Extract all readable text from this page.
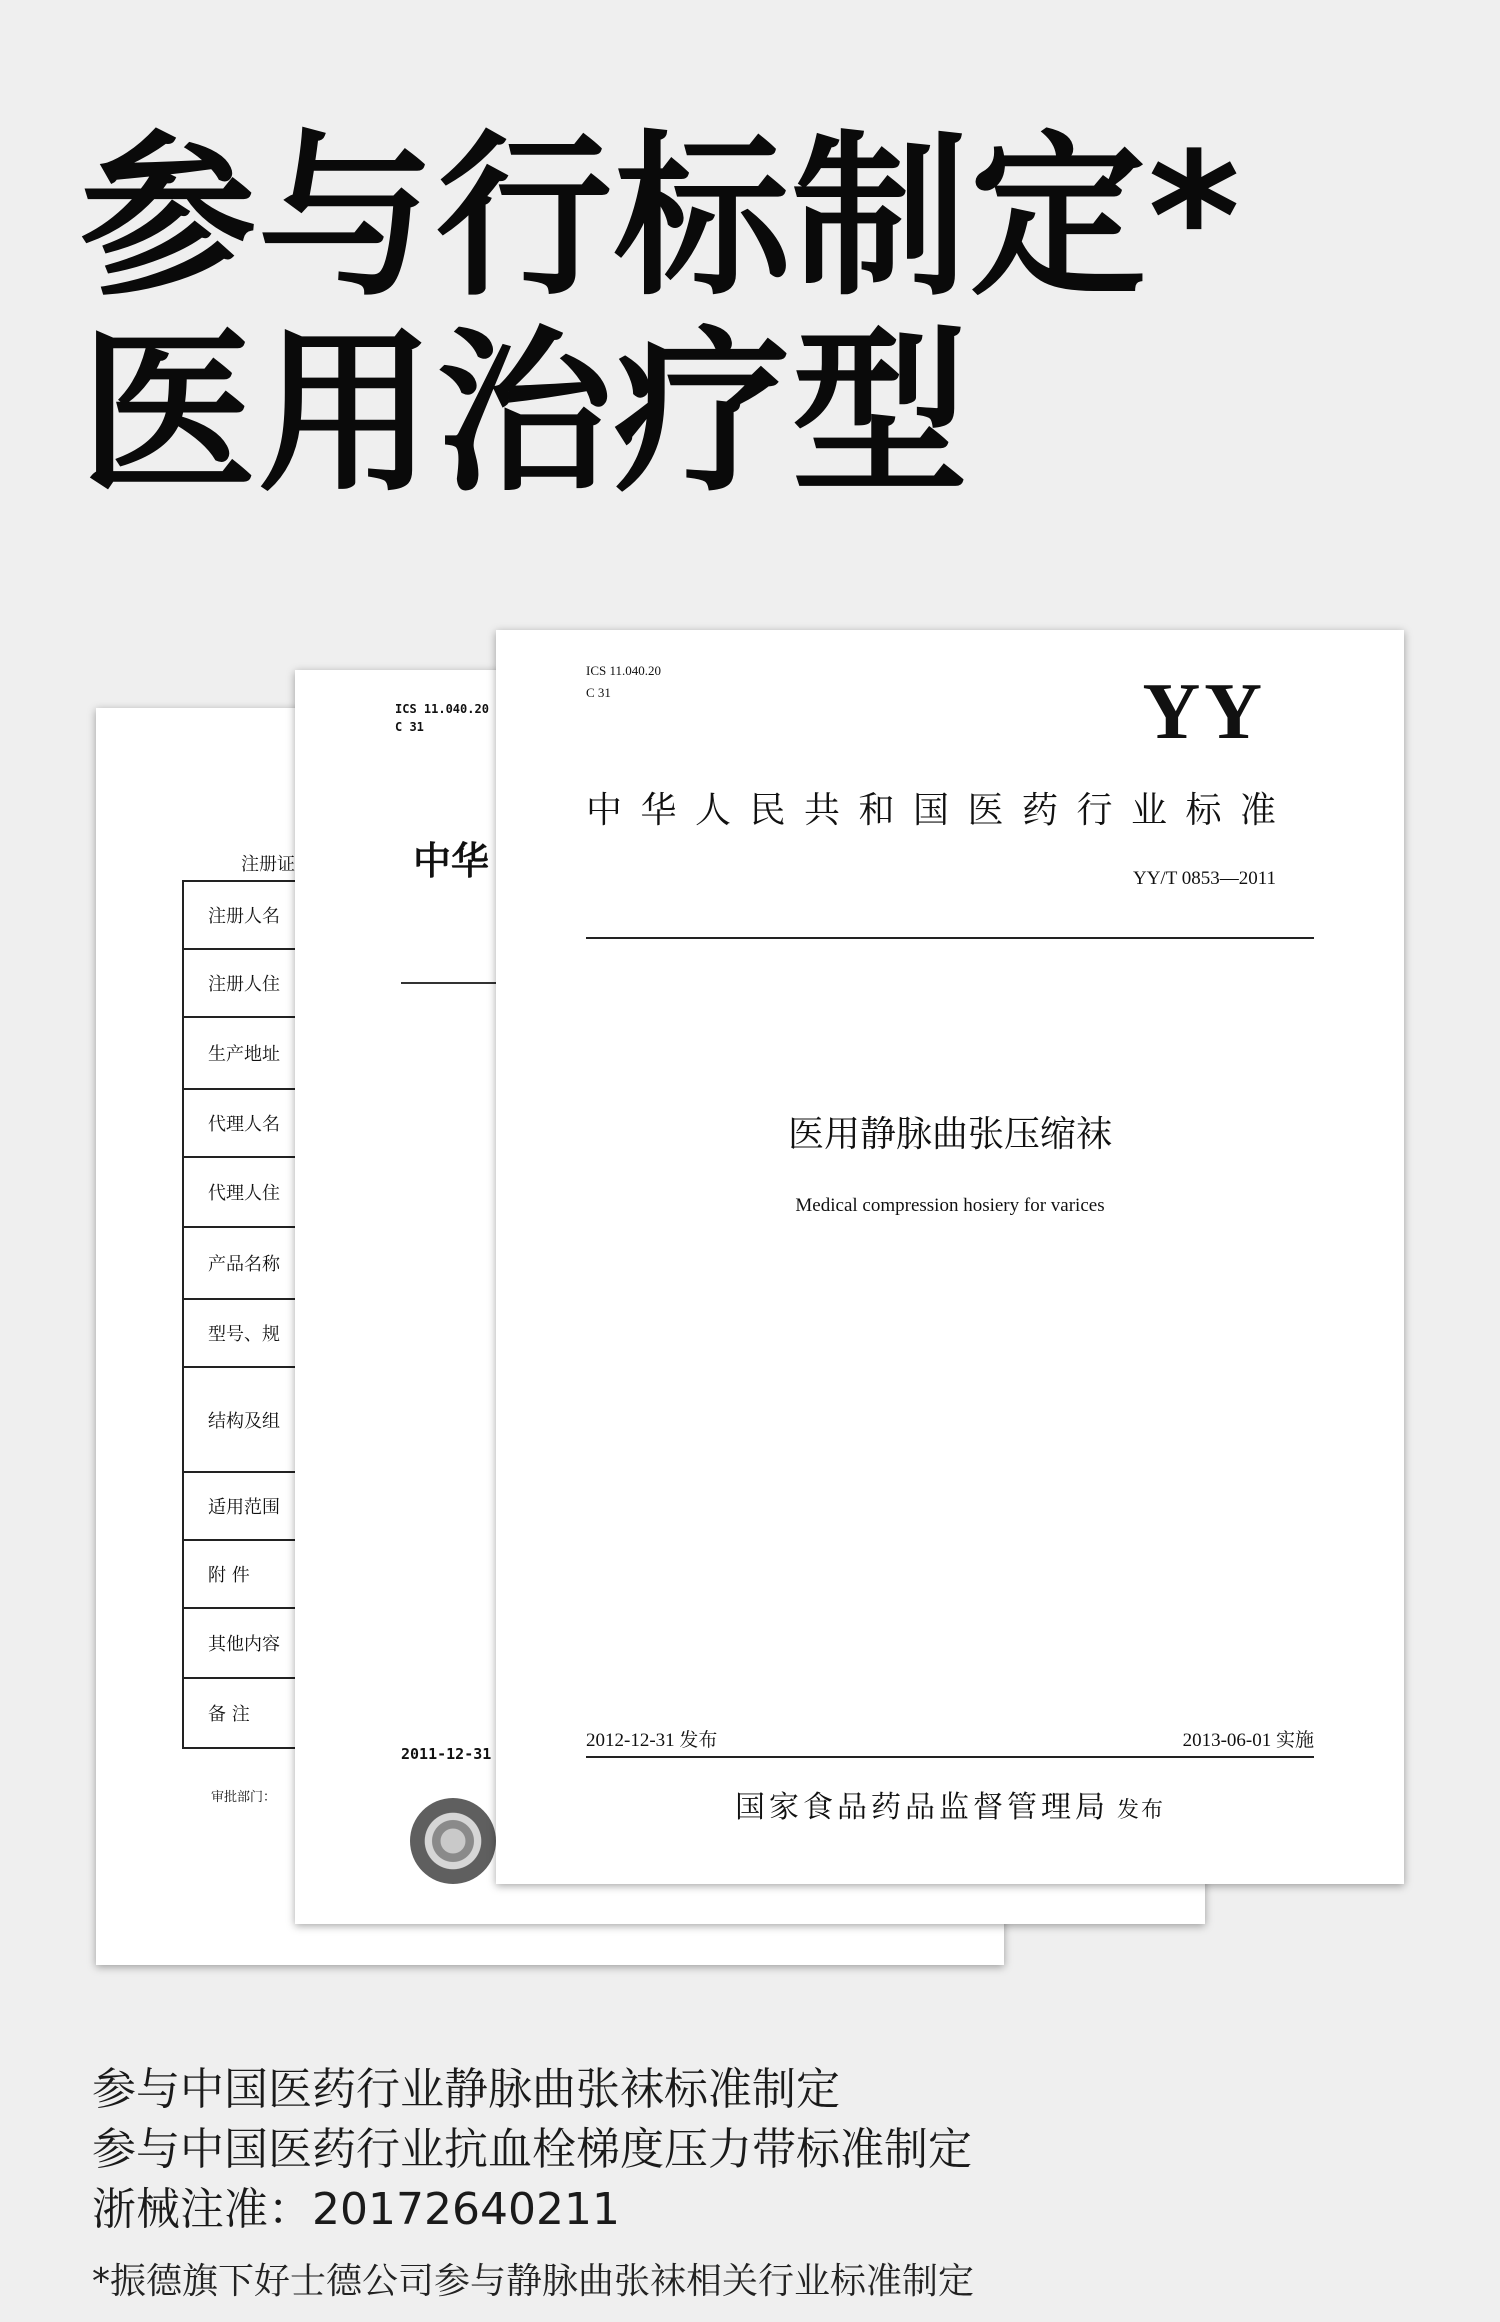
参与行标制定*
医用治疗型
注册证
注册人名
注册人住
生产地址
代理人名
代理人住
产品名称
型号、规
结构及组
适用范围
附 件
其他内容
备 注
审批部门：
ICS 11.040.20
C 31
中华
2011-12-31
ICS 11.040.20
C 31	YY
中华人民共和国医药行业标准
YY/T 0853—2011
医用静脉曲张压缩袜
Medical compression hosiery for varices
2012-12-31 发布	2013-06-01 实施
国家食品药品监督管理局 发布
参与中国医药行业静脉曲张袜标准制定
参与中国医药行业抗血栓梯度压力带标准制定
浙械注准：20172640211
*振德旗下好士德公司参与静脉曲张袜相关行业标准制定
